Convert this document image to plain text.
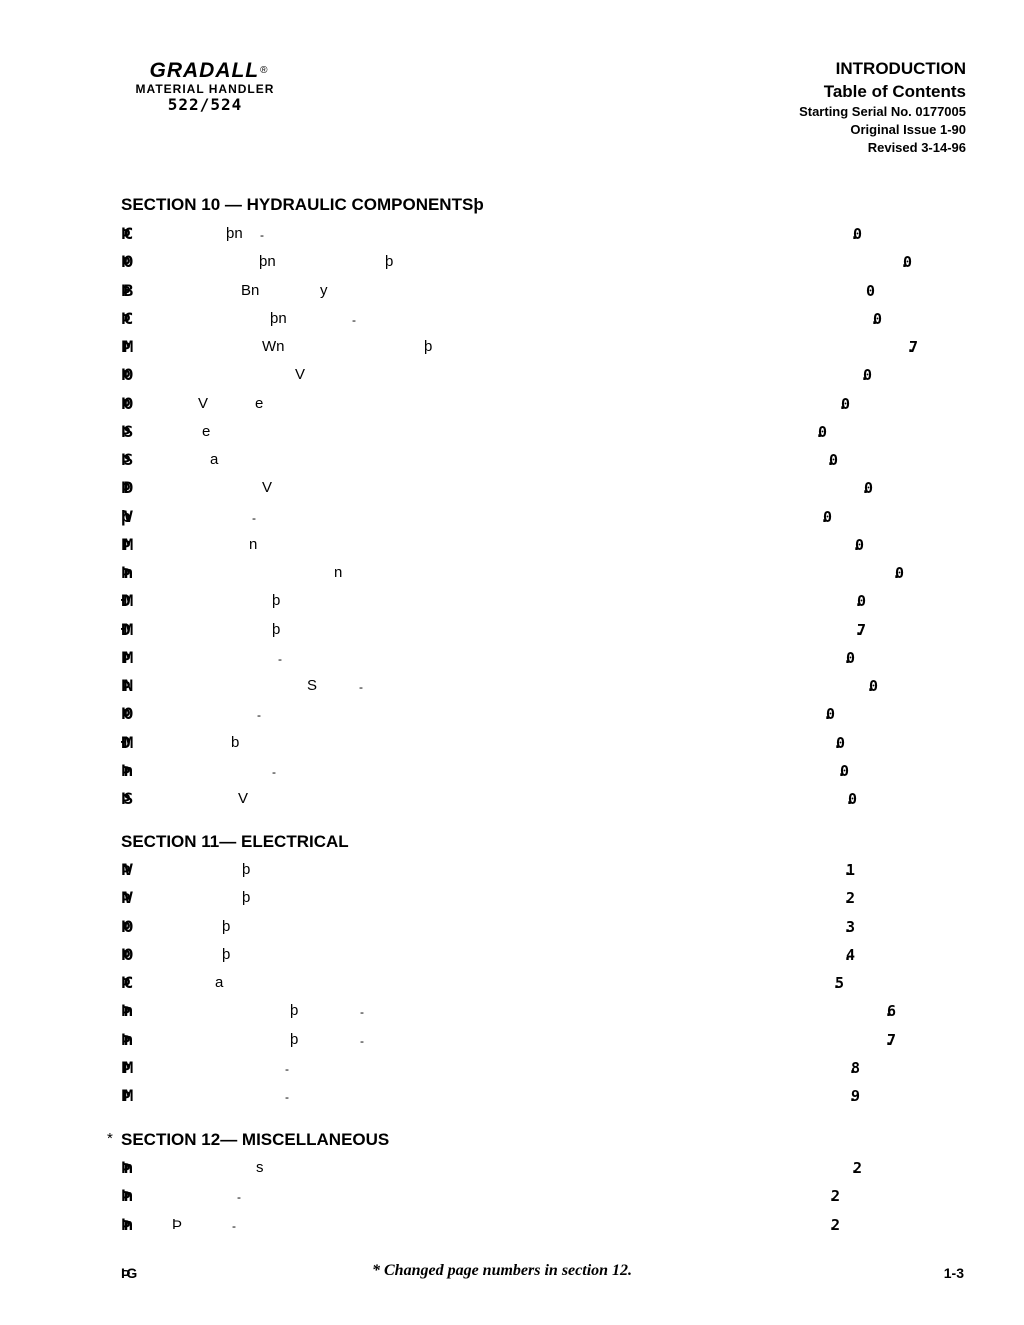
GRADALL®
MATERIAL HANDLER
522/524
INTRODUCTION
Table of Contents
Starting Serial No. 0177005
Original Issue 1-90
Revised 3-14-96
SECTION 10 — HYDRAULIC COMPONENTSþ
ÞC	þn -	.0
ÞO	þn	þ	.0
ÞB	Bn	y	0
ÞC	þn	-	.0
ÞM	Wn	þ	.7
ÞO	V	.0
ÞO	V	e	.0
ÞS	e	.0
ÞS	a	.0
ÞD	V	.0
þV	-	.0
ÞM	n	.0
Þn	n	.0
ÐM	þ	.0
ÐM	þ	.7
ÞM	-	.0
ÞN	S	-	.0
ÞO	-	.0
ÐM	b	.0
Þn	-	.0
ÞS	V	.0
SECTION 11— ELECTRICAL
ÞV	þ	.1
ÞV	þ	.2
ÞO	þ	.3
ÞO	þ	.4
ÞC	a	.5
Þn	þ	-	.6
Þn	þ	-	.7
ÞM	-	.8
ÞM	-	.9
* SECTION 12— MISCELLANEOUS
Þn	s	.2
Þn	-	.2
Þn	Þ	-	.2
ÞG	* Changed page numbers in section 12.	1-3
